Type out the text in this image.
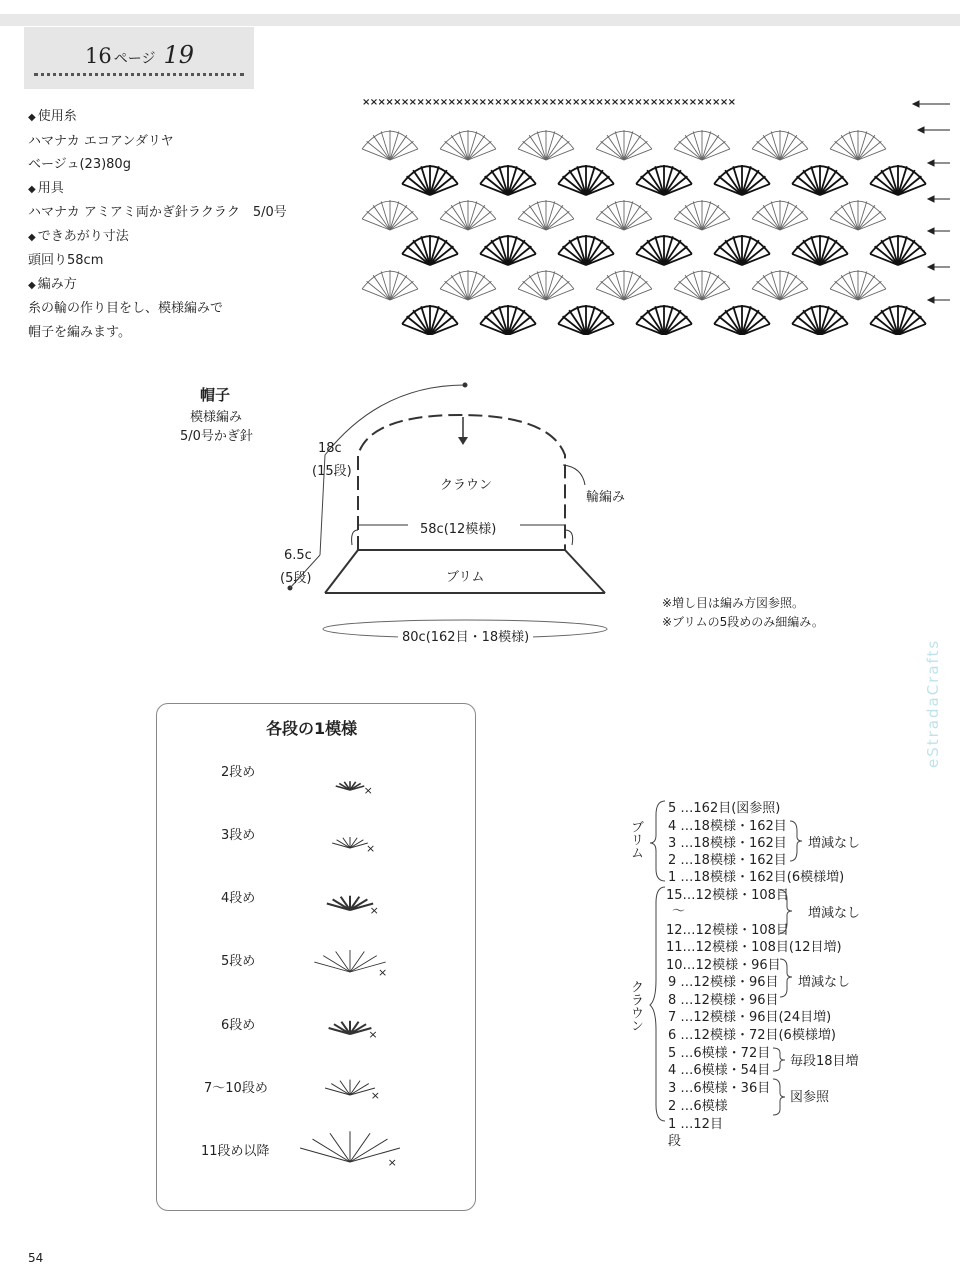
16 ページ 19
◆ 使用糸
ハマナカ エコアンダリヤ
ベージュ(23)80g
◆ 用具
ハマナカ アミアミ両かぎ針ラクラク　5/0号
◆ できあがり寸法
頭回り58cm
◆ 編み方
糸の輪の作り目をし、模様編みで
帽子を編みます。
××××××××××××××××××××××××××××××××××××××××××××××××
帽子
模様編み
5/0号かぎ針
18c
(15段)
クラウン
輪編み
58c(12模様)
6.5c
(5段)	ブリム
80c(162目・18模様)
※増し目は編み方図参照。
※ブリムの5段めのみ細編み。
eStradaCrafts
各段の1模様
2段め
3段め
4段め
5段め
6段め
7〜10段め
11段め以降
×
×
×
×
×
×
×
ブリム
クラウン
5 …162目(図参照)
4 …18模様・162目
3 …18模様・162目
2 …18模様・162目
1 …18模様・162目(6模様増)
増減なし
15…12模様・108目
〜
12…12模様・108目
11…12模様・108目(12目増)
増減なし
10…12模様・96目
9 …12模様・96目
8 …12模様・96目
増減なし
7 …12模様・96目(24目増)
6 …12模様・72目(6模様増)
5 …6模様・72目
4 …6模様・54目
毎段18目増
3 …6模様・36目
2 …6模様
図参照
1 …12目
段
54
